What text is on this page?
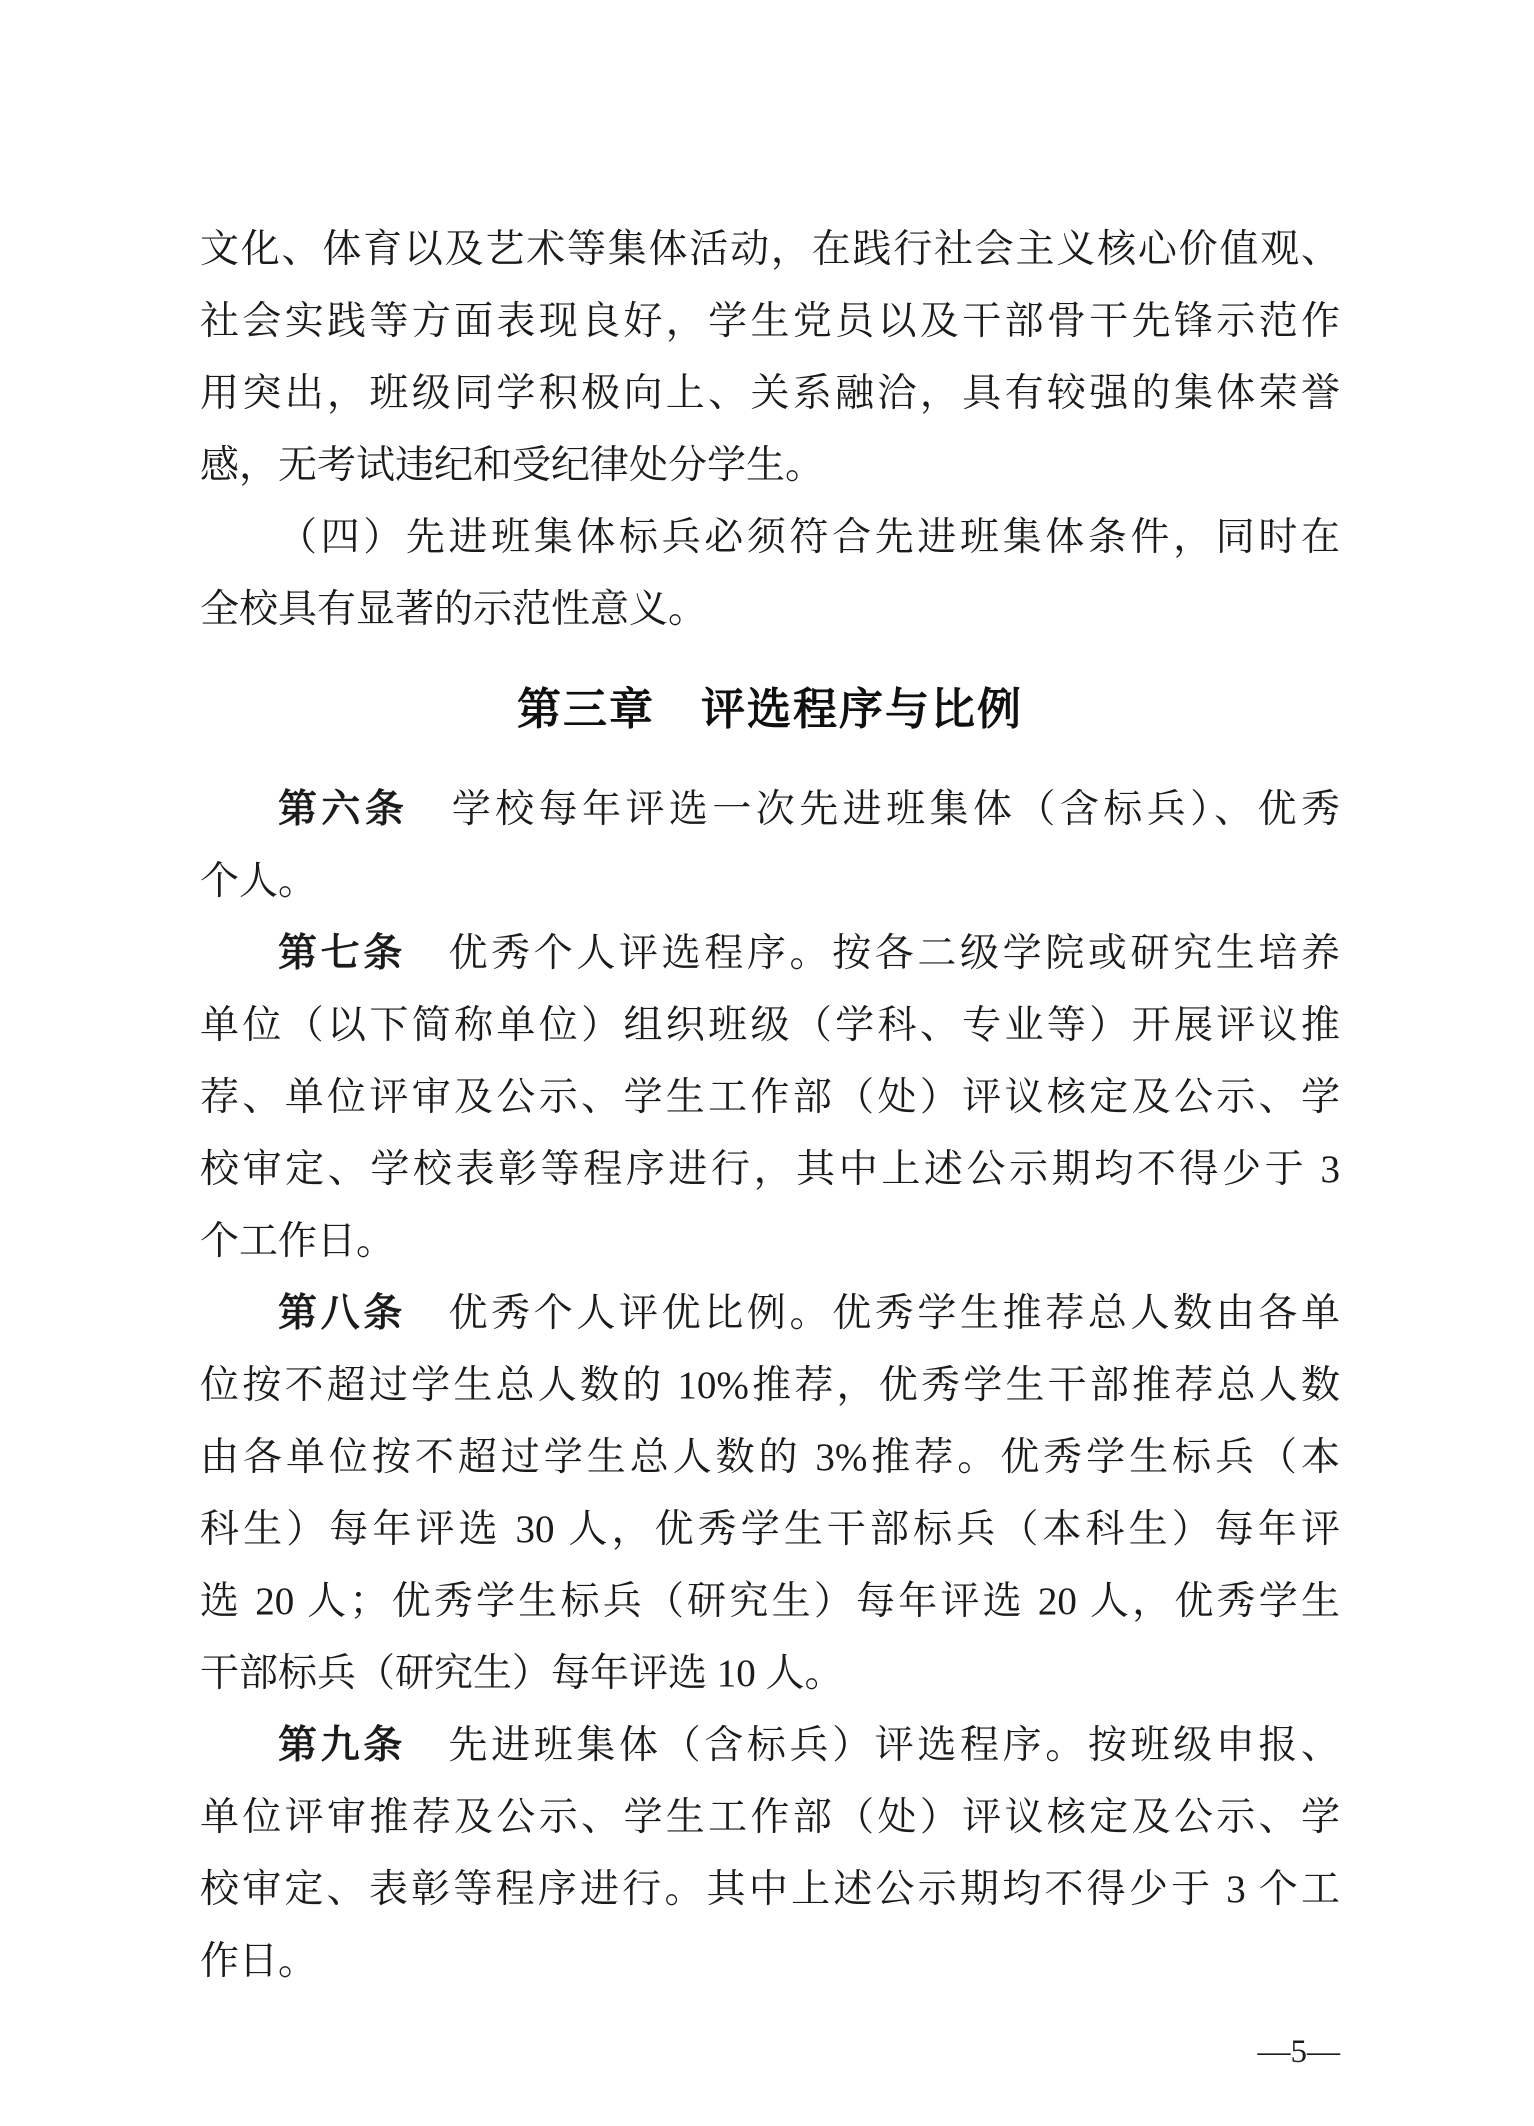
文化、体育以及艺术等集体活动，在践行社会主义核心价值观、
社会实践等方面表现良好，学生党员以及干部骨干先锋示范作
用突出，班级同学积极向上、关系融洽，具有较强的集体荣誉
感，无考试违纪和受纪律处分学生。
（四）先进班集体标兵必须符合先进班集体条件，同时在
全校具有显著的示范性意义。
第三章　评选程序与比例
第六条　学校每年评选一次先进班集体（含标兵）、优秀
个人。
第七条　优秀个人评选程序。按各二级学院或研究生培养
单位（以下简称单位）组织班级（学科、专业等）开展评议推
荐、单位评审及公示、学生工作部（处）评议核定及公示、学
校审定、学校表彰等程序进行，其中上述公示期均不得少于 3
个工作日。
第八条　优秀个人评优比例。优秀学生推荐总人数由各单
位按不超过学生总人数的 10%推荐，优秀学生干部推荐总人数
由各单位按不超过学生总人数的 3%推荐。优秀学生标兵（本
科生）每年评选 30 人，优秀学生干部标兵（本科生）每年评
选 20 人；优秀学生标兵（研究生）每年评选 20 人，优秀学生
干部标兵（研究生）每年评选 10 人。
第九条　先进班集体（含标兵）评选程序。按班级申报、
单位评审推荐及公示、学生工作部（处）评议核定及公示、学
校审定、表彰等程序进行。其中上述公示期均不得少于 3 个工
作日。
—5—
